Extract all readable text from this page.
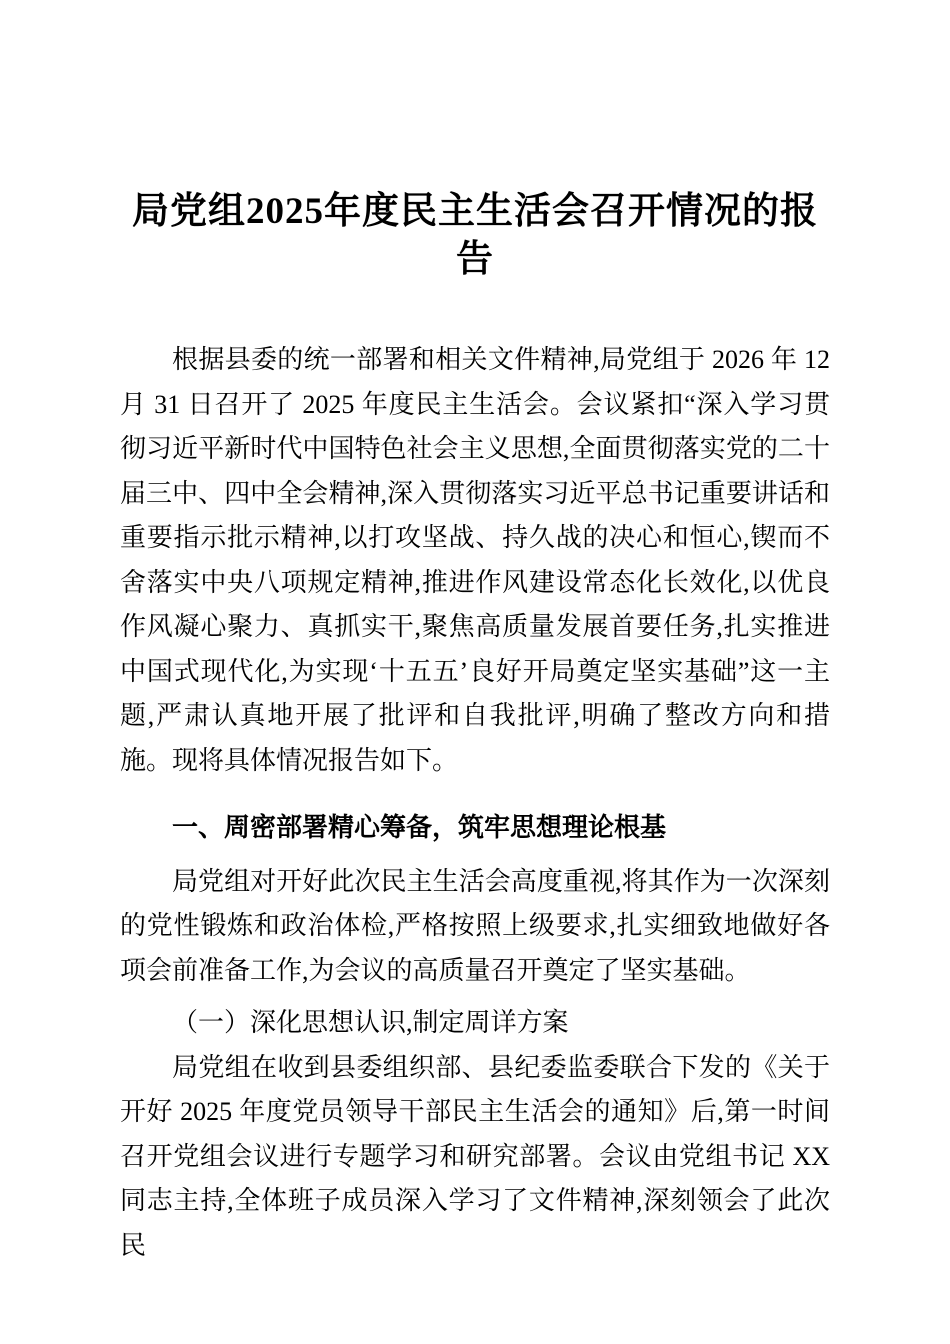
局党组2025年度民主生活会召开情况的报告

根据县委的统一部署和相关文件精神,局党组于 2026 年 12 月 31 日召开了 2025 年度民主生活会。会议紧扣“深入学习贯彻习近平新时代中国特色社会主义思想,全面贯彻落实党的二十届三中、四中全会精神,深入贯彻落实习近平总书记重要讲话和重要指示批示精神,以打攻坚战、持久战的决心和恒心,锲而不舍落实中央八项规定精神,推进作风建设常态化长效化,以优良作风凝心聚力、真抓实干,聚焦高质量发展首要任务,扎实推进中国式现代化,为实现‘十五五’良好开局奠定坚实基础”这一主题,严肃认真地开展了批评和自我批评,明确了整改方向和措施。现将具体情况报告如下。

一、周密部署精心筹备，筑牢思想理论根基

局党组对开好此次民主生活会高度重视,将其作为一次深刻的党性锻炼和政治体检,严格按照上级要求,扎实细致地做好各项会前准备工作,为会议的高质量召开奠定了坚实基础。

（一）深化思想认识,制定周详方案

局党组在收到县委组织部、县纪委监委联合下发的《关于开好 2025 年度党员领导干部民主生活会的通知》后,第一时间召开党组会议进行专题学习和研究部署。会议由党组书记 XX 同志主持,全体班子成员深入学习了文件精神,深刻领会了此次民
